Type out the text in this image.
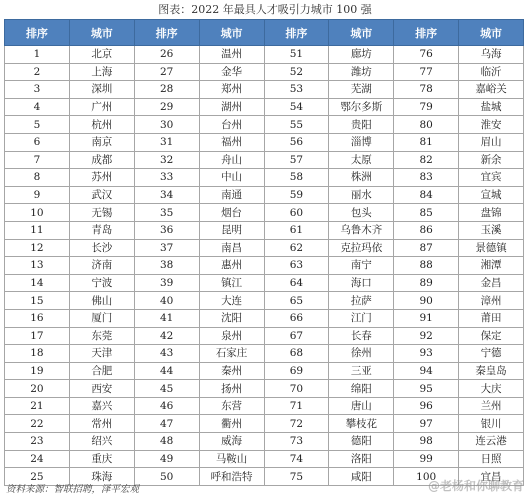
图表：2022 年最具人才吸引力城市 100 强
排序	城市	排序	城市	排序	城市	排序	城市
1	北京	26	温州	51	廊坊	76	乌海
2	上海	27	金华	52	潍坊	77	临沂
3	深圳	28	郑州	53	芜湖	78	嘉峪关
4	广州	29	湖州	54	鄂尔多斯	79	盐城
5	杭州	30	台州	55	贵阳	80	淮安
6	南京	31	福州	56	淄博	81	眉山
7	成都	32	舟山	57	太原	82	新余
8	苏州	33	中山	58	株洲	83	宜宾
9	武汉	34	南通	59	丽水	84	宣城
10	无锡	35	烟台	60	包头	85	盘锦
11	青岛	36	昆明	61	乌鲁木齐	86	玉溪
12	长沙	37	南昌	62	克拉玛依	87	景德镇
13	济南	38	惠州	63	南宁	88	湘潭
14	宁波	39	镇江	64	海口	89	金昌
15	佛山	40	大连	65	拉萨	90	漳州
16	厦门	41	沈阳	66	江门	91	莆田
17	东莞	42	泉州	67	长春	92	保定
18	天津	43	石家庄	68	徐州	93	宁德
19	合肥	44	秦州	69	三亚	94	秦皇岛
20	西安	45	扬州	70	绵阳	95	大庆
21	嘉兴	46	东营	71	唐山	96	兰州
22	常州	47	衢州	72	攀枝花	97	银川
23	绍兴	48	威海	73	德阳	98	连云港
24	重庆	49	马鞍山	74	洛阳	99	日照
25	珠海	50	呼和浩特	75	咸阳	100	宜昌
资料来源：智联招聘，泽平宏观	@老杨和你聊教育
